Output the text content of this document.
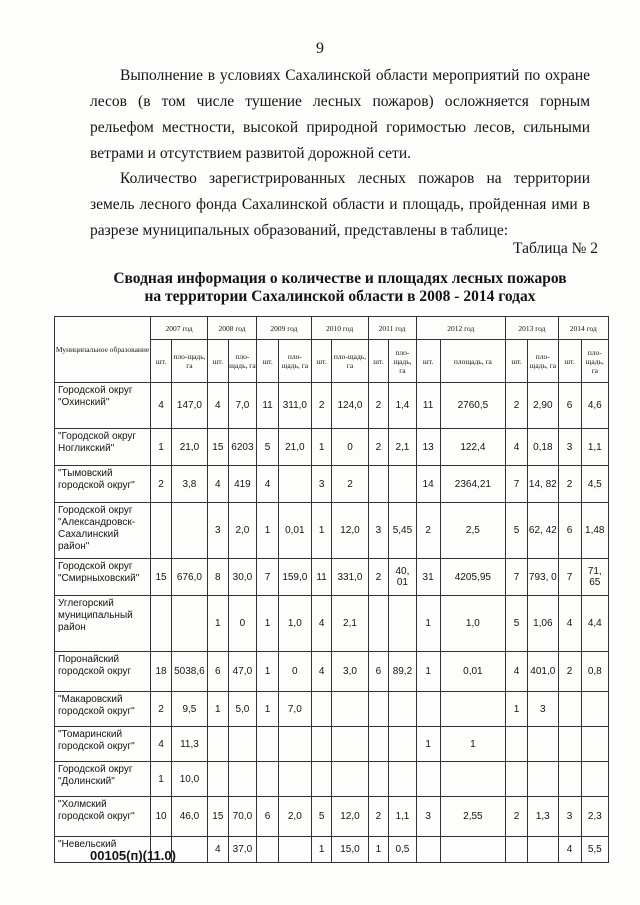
9

Выполнение в условиях Сахалинской области мероприятий по охране лесов (в том числе тушение лесных пожаров) осложняется горным рельефом местности, высокой природной горимостью лесов, сильными ветрами и отсутствием развитой дорожной сети.

Количество зарегистрированных лесных пожаров на территории земель лесного фонда Сахалинской области и площадь, пройденная ими в разрезе муниципальных образований, представлены в таблице:

Таблица № 2
Сводная информация о количестве и площадях лесных пожаров
на территории Сахалинской области в 2008 - 2014 годах
Муниципальное образование	2007 год		2008 год		2009 год		2010 год		2011 год		2012 год		2013 год		2014 год	
	шт.	пло-щадь, га	шт.	пло-щадь, га	шт.	пло-щадь, га	шт.	пло-щадь, га	шт.	пло-щадь, га	шт.	площадь, га	шт.	пло-щадь, га	шт.	пло-щадь, га
Городской округ "Охинский"	4	147,0	4	7,0	11	311,0	2	124,0	2	1,4	11	2760,5	2	2,90	6	4,6
"Городской округ Ногликский"	1	21,0	15	6203	5	21,0	1	0	2	2,1	13	122,4	4	0,18	3	1,1
"Тымовский городской округ"	2	3,8	4	419	4		3	2			14	2364,21	7	14, 82	2	4,5
Городской округ "Александровск-Сахалинский район"			3	2,0	1	0,01	1	12,0	3	5,45	2	2,5	5	62, 42	6	1,48
Городской округ "Смирныховский"	15	676,0	8	30,0	7	159,0	11	331,0	2	40, 01	31	4205,95	7	793, 0	7	71, 65
Углегорский муниципальный район			1	0	1	1,0	4	2,1			1	1,0	5	1,06	4	4,4
Поронайский городской округ	18	5038,6	6	47,0	1	0	4	3,0	6	89,2	1	0,01	4	401,0	2	0,8
"Макаровский городской округ"	2	9,5	1	5,0	1	7,0							1	3		
"Томаринский городской округ"	4	11,3									1	1				
Городской округ "Долинский"	1	10,0														
"Холмский городской округ"	10	46,0	15	70,0	6	2,0	5	12,0	2	1,1	3	2,55	2	1,3	3	2,3
"Невельский			4	37,0			1	15,0	1	0,5					4	5,5
00105(п)(11.0)
